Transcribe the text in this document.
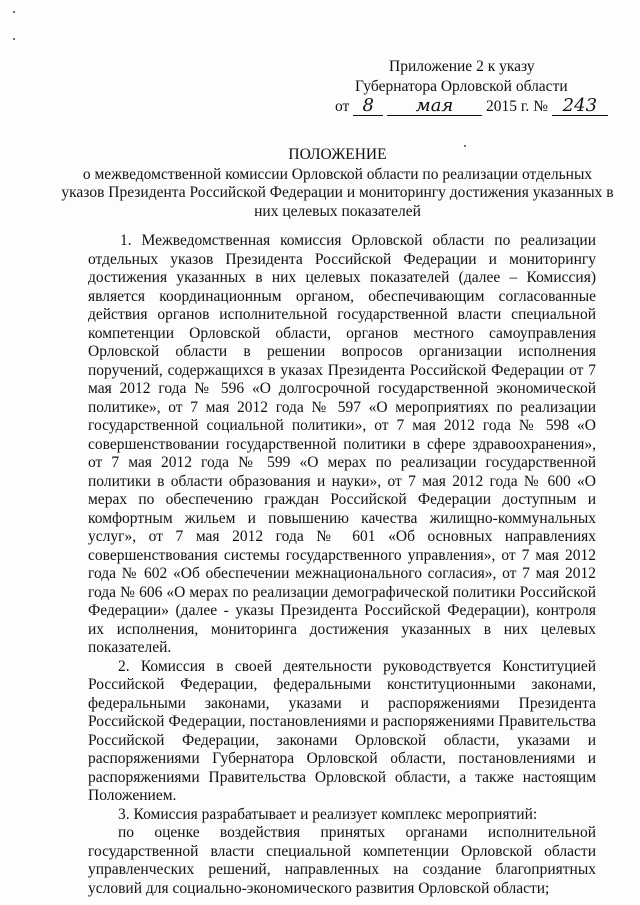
Приложение 2 к указу
Губернатора Орловской области
от 8 мая 2015 г. № 243
ПОЛОЖЕНИЕ
о межведомственной комиссии Орловской области по реализации отдельных указов Президента Российской Федерации и мониторингу достижения указанных в них целевых показателей

1. Межведомственная комиссия Орловской области по реализации отдельных указов Президента Российской Федерации и мониторингу достижения указанных в них целевых показателей (далее – Комиссия) является координационным органом, обеспечивающим согласованные действия органов исполнительной государственной власти специальной компетенции Орловской области, органов местного самоуправления Орловской области в решении вопросов организации исполнения поручений, содержащихся в указах Президента Российской Федерации от 7 мая 2012 года № 596 «О долгосрочной государственной экономической политике», от 7 мая 2012 года № 597 «О мероприятиях по реализации государственной социальной политики», от 7 мая 2012 года № 598 «О совершенствовании государственной политики в сфере здравоохранения», от 7 мая 2012 года № 599 «О мерах по реализации государственной политики в области образования и науки», от 7 мая 2012 года № 600 «О мерах по обеспечению граждан Российской Федерации доступным и комфортным жильем и повышению качества жилищно-коммунальных услуг», от 7 мая 2012 года № 601 «Об основных направлениях совершенствования системы государственного управления», от 7 мая 2012 года № 602 «Об обеспечении межнационального согласия», от 7 мая 2012 года № 606 «О мерах по реализации демографической политики Российской Федерации» (далее - указы Президента Российской Федерации), контроля их исполнения, мониторинга достижения указанных в них целевых показателей.

2. Комиссия в своей деятельности руководствуется Конституцией Российской Федерации, федеральными конституционными законами, федеральными законами, указами и распоряжениями Президента Российской Федерации, постановлениями и распоряжениями Правительства Российской Федерации, законами Орловской области, указами и распоряжениями Губернатора Орловской области, постановлениями и распоряжениями Правительства Орловской области, а также настоящим Положением.

3. Комиссия разрабатывает и реализует комплекс мероприятий:

по оценке воздействия принятых органами исполнительной государственной власти специальной компетенции Орловской области управленческих решений, направленных на создание благоприятных условий для социально-экономического развития Орловской области;
